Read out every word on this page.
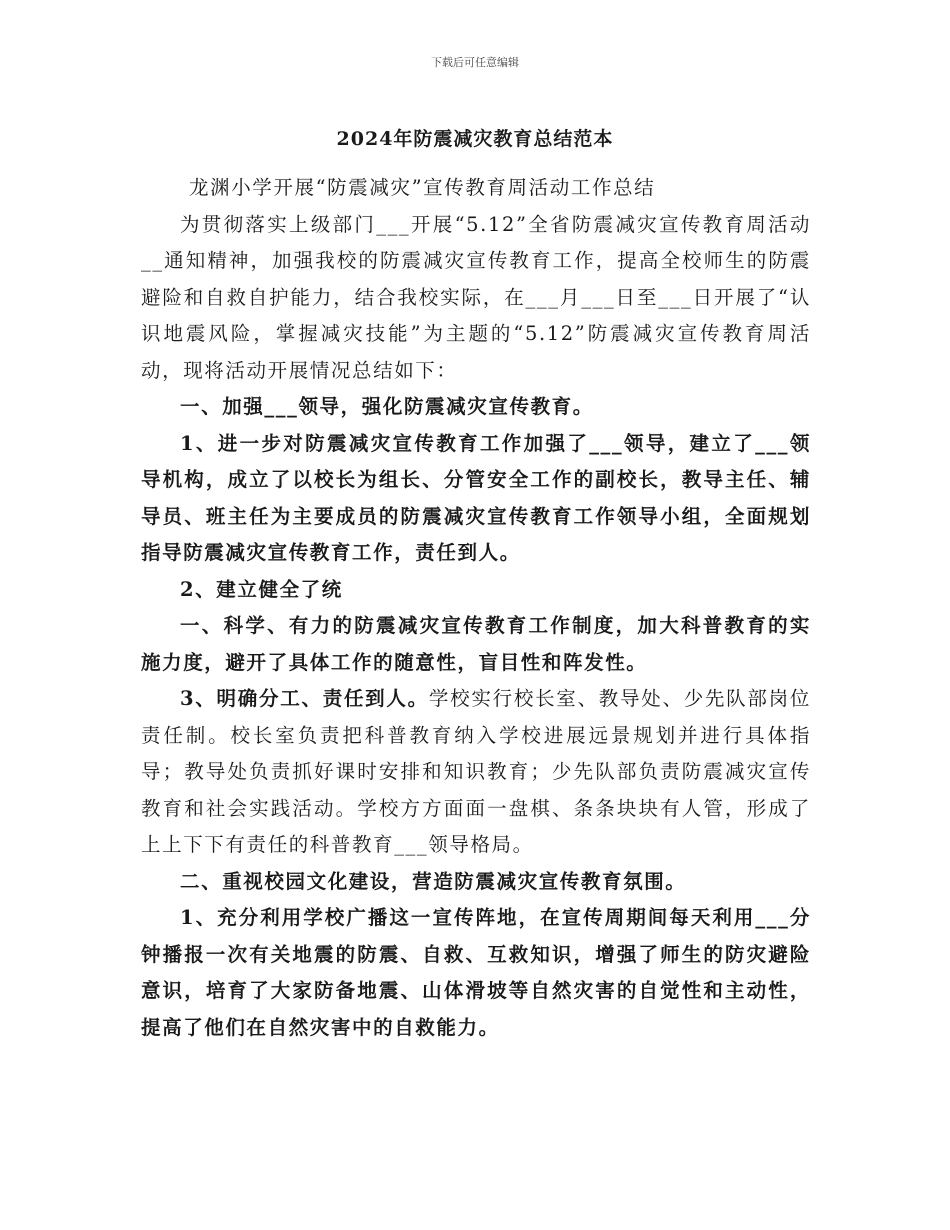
下载后可任意编辑
2024年防震减灾教育总结范本

龙渊小学开展“防震减灾”宣传教育周活动工作总结

为贯彻落实上级部门___开展“5.12”全省防震减灾宣传教育周活动__通知精神，加强我校的防震减灾宣传教育工作，提高全校师生的防震避险和自救自护能力，结合我校实际，在___月___日至___日开展了“认识地震风险，掌握减灾技能”为主题的“5.12”防震减灾宣传教育周活动，现将活动开展情况总结如下：

一、加强___领导，强化防震减灾宣传教育。

1、进一步对防震减灾宣传教育工作加强了___领导，建立了___领导机构，成立了以校长为组长、分管安全工作的副校长，教导主任、辅导员、班主任为主要成员的防震减灾宣传教育工作领导小组，全面规划指导防震减灾宣传教育工作，责任到人。

2、建立健全了统

一、科学、有力的防震减灾宣传教育工作制度，加大科普教育的实施力度，避开了具体工作的随意性，盲目性和阵发性。

3、明确分工、责任到人。学校实行校长室、教导处、少先队部岗位责任制。校长室负责把科普教育纳入学校进展远景规划并进行具体指导；教导处负责抓好课时安排和知识教育；少先队部负责防震减灾宣传教育和社会实践活动。学校方方面面一盘棋、条条块块有人管，形成了上上下下有责任的科普教育___领导格局。

二、重视校园文化建设，营造防震减灾宣传教育氛围。

1、充分利用学校广播这一宣传阵地，在宣传周期间每天利用___分钟播报一次有关地震的防震、自救、互救知识，增强了师生的防灾避险意识，培育了大家防备地震、山体滑坡等自然灾害的自觉性和主动性，提高了他们在自然灾害中的自救能力。
